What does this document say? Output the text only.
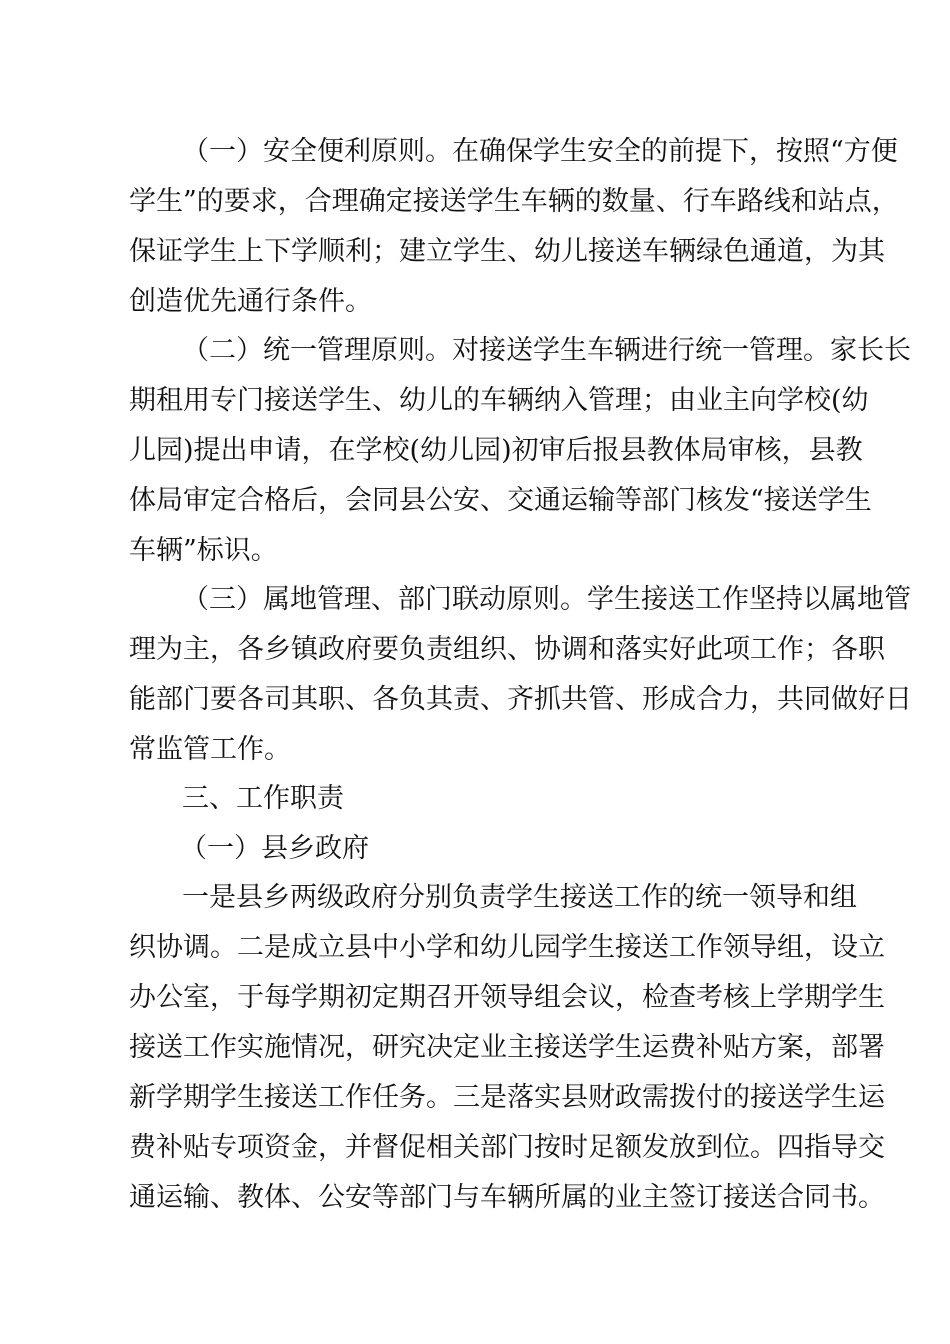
（一）安全便利原则。在确保学生安全的前提下，按照“方便
学生”的要求，合理确定接送学生车辆的数量、行车路线和站点，
保证学生上下学顺利；建立学生、幼儿接送车辆绿色通道，为其
创造优先通行条件。
（二）统一管理原则。对接送学生车辆进行统一管理。家长长
期租用专门接送学生、幼儿的车辆纳入管理；由业主向学校(幼
儿园)提出申请，在学校(幼儿园)初审后报县教体局审核，县教
体局审定合格后，会同县公安、交通运输等部门核发“接送学生
车辆”标识。
（三）属地管理、部门联动原则。学生接送工作坚持以属地管
理为主，各乡镇政府要负责组织、协调和落实好此项工作；各职
能部门要各司其职、各负其责、齐抓共管、形成合力，共同做好日
常监管工作。
三、工作职责
（一）县乡政府
一是县乡两级政府分别负责学生接送工作的统一领导和组
织协调。二是成立县中小学和幼儿园学生接送工作领导组，设立
办公室，于每学期初定期召开领导组会议，检查考核上学期学生
接送工作实施情况，研究决定业主接送学生运费补贴方案，部署
新学期学生接送工作任务。三是落实县财政需拨付的接送学生运
费补贴专项资金，并督促相关部门按时足额发放到位。四指导交
通运输、教体、公安等部门与车辆所属的业主签订接送合同书。
